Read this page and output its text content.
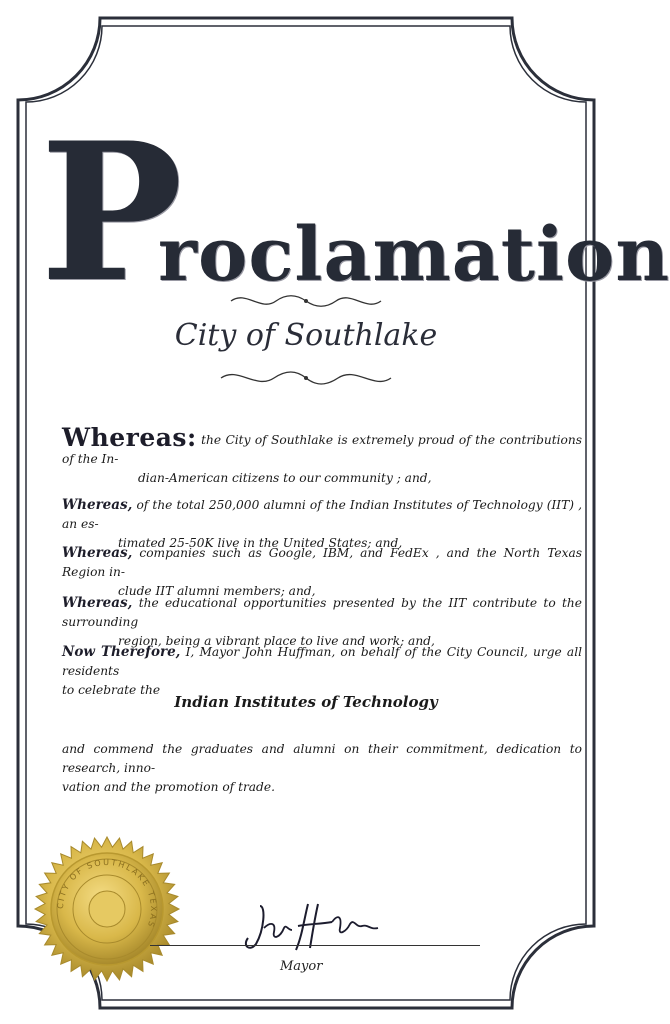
P
roclamation
City of Southlake
Whereas: the City of Southlake is extremely proud of the contributions of the In-
dian-American citizens to our community ; and,
Whereas, of the total 250,000 alumni of the Indian Institutes of Technology (IIT) , an es-
timated 25-50K live in the United States; and,
Whereas, companies such as Google, IBM, and FedEx , and the North Texas Region in-
clude IIT alumni members; and,
Whereas, the educational opportunities presented by the IIT contribute to the surrounding
region, being a vibrant place to live and work; and,
Now Therefore, I, Mayor John Huffman, on behalf of the City Council, urge all residents
to celebrate the
Indian Institutes of Technology
and commend the graduates and alumni on their commitment, dedication to research, inno-
vation and the promotion of trade.
CITY OF SOUTHLAKE TEXAS
Mayor
